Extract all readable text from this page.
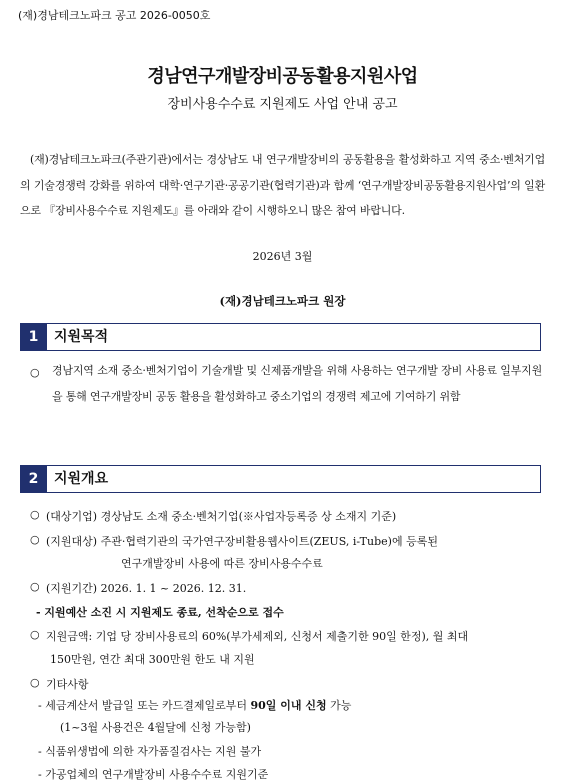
(재)경남테크노파크 공고 2026-0050호
경남연구개발장비공동활용지원사업
장비사용수수료 지원제도 사업 안내 공고
(재)경남테크노파크(주관기관)에서는 경상남도 내 연구개발장비의 공동활용을 활성화하고 지역 중소·벤처기업의 기술경쟁력 강화를 위하여 대학·연구기관·공공기관(협력기관)과 함께 ‘연구개발장비공동활용지원사업’의 일환으로 『장비사용수수료 지원제도』를 아래와 같이 시행하오니 많은 참여 바랍니다.
2026년 3월
(재)경남테크노파크 원장
1	지원목적
○ 경남지역 소재 중소·벤처기업이 기술개발 및 신제품개발을 위해 사용하는 연구개발 장비 사용료 일부지원을 통해 연구개발장비 공동 활용을 활성화하고 중소기업의 경쟁력 제고에 기여하기 위함
2	지원개요
○ (대상기업) 경상남도 소재 중소·벤처기업(※사업자등록증 상 소재지 기준)
○ (지원대상) 주관·협력기관의 국가연구장비활용웹사이트(ZEUS, i-Tube)에 등록된
연구개발장비 사용에 따른 장비사용수수료
○ (지원기간) 2026. 1. 1 ~ 2026. 12. 31.
- 지원예산 소진 시 지원제도 종료, 선착순으로 접수
○ 지원금액: 기업 당 장비사용료의 60%(부가세제외, 신청서 제출기한 90일 한정), 월 최대
150만원, 연간 최대 300만원 한도 내 지원
○ 기타사항
- 세금계산서 발급일 또는 카드결제일로부터 90일 이내 신청 가능
(1~3월 사용건은 4월달에 신청 가능함)
- 식품위생법에 의한 자가품질검사는 지원 불가
- 가공업체의 연구개발장비 사용수수료 지원기준
